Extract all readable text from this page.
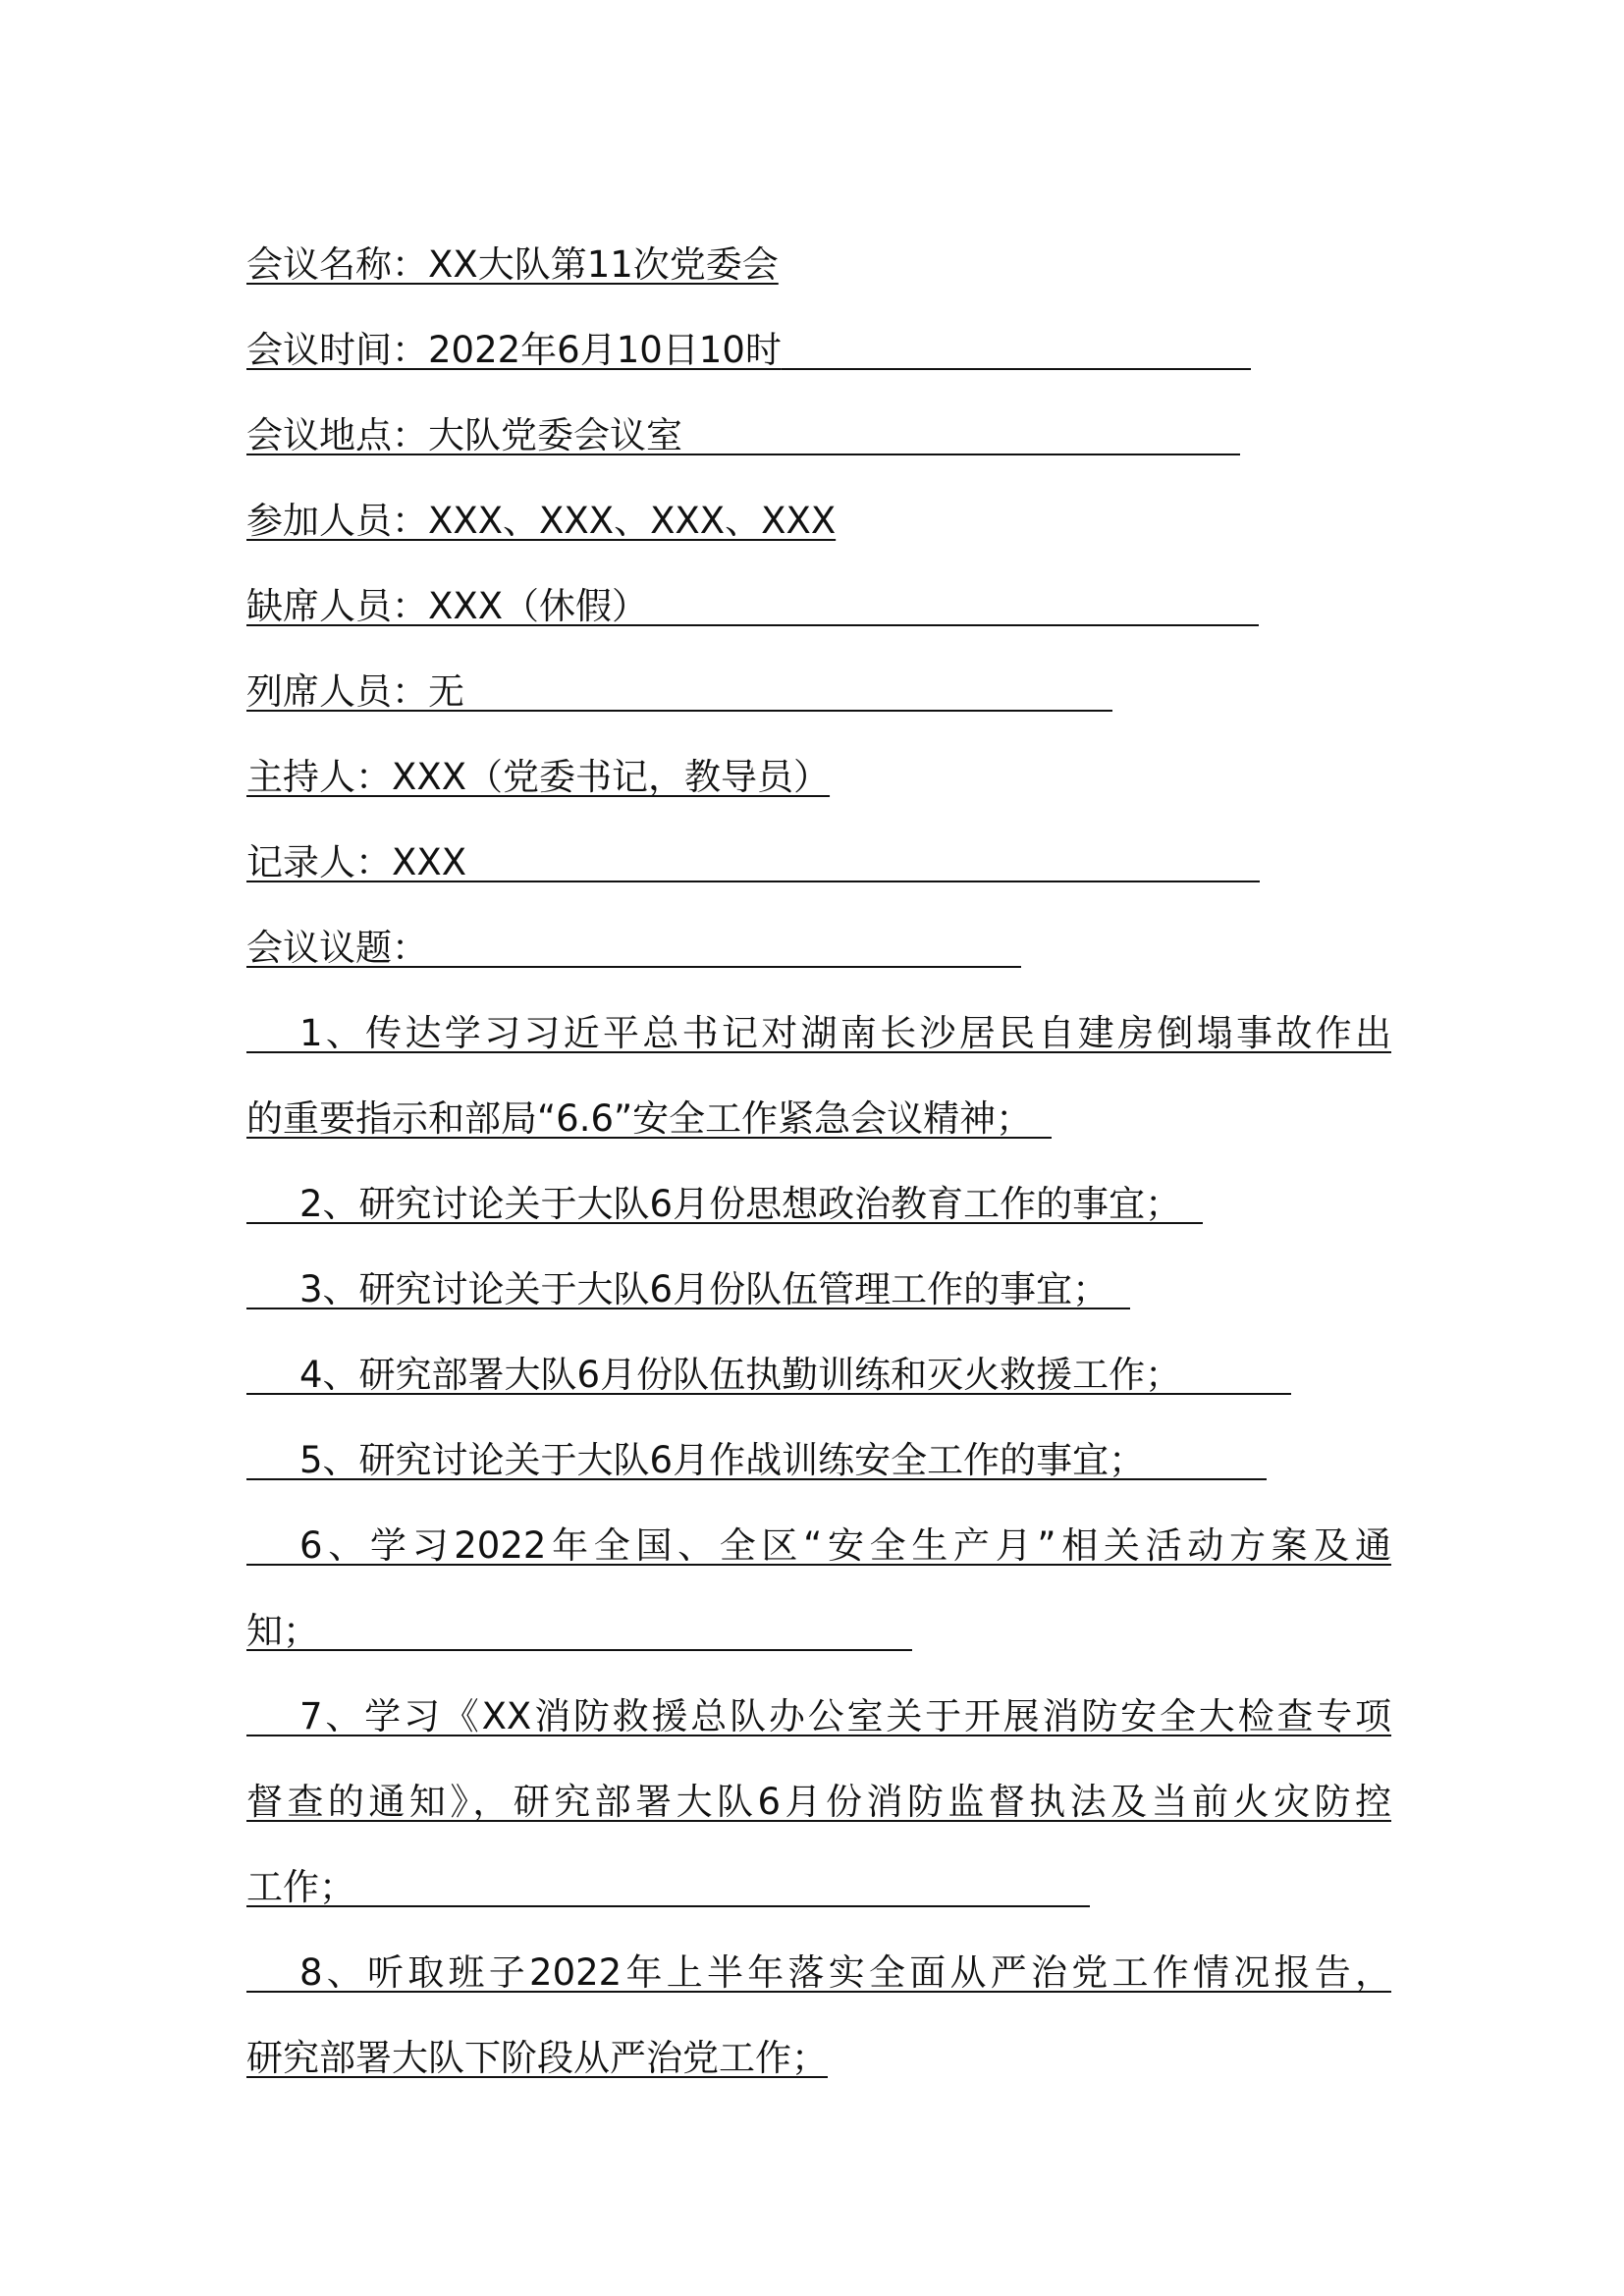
会议名称：XX大队第11次党委会
会议时间：2022年6月10日10时
会议地点：大队党委会议室
参加人员：XXX、XXX、XXX、XXX
缺席人员：XXX（休假）
列席人员：无
主持人：XXX（党委书记，教导员）
记录人：XXX
会议议题：
1、传达学习习近平总书记对湖南长沙居民自建房倒塌事故作出
的重要指示和部局“6.6”安全工作紧急会议精神；
2、研究讨论关于大队6月份思想政治教育工作的事宜；
3、研究讨论关于大队6月份队伍管理工作的事宜；
4、研究部署大队6月份队伍执勤训练和灭火救援工作；
5、研究讨论关于大队6月作战训练安全工作的事宜；
6、学习2022年全国、全区“安全生产月”相关活动方案及通
知；
7、学习《XX消防救援总队办公室关于开展消防安全大检查专项
督查的通知》，研究部署大队6月份消防监督执法及当前火灾防控
工作；
8、听取班子2022年上半年落实全面从严治党工作情况报告，
研究部署大队下阶段从严治党工作；
